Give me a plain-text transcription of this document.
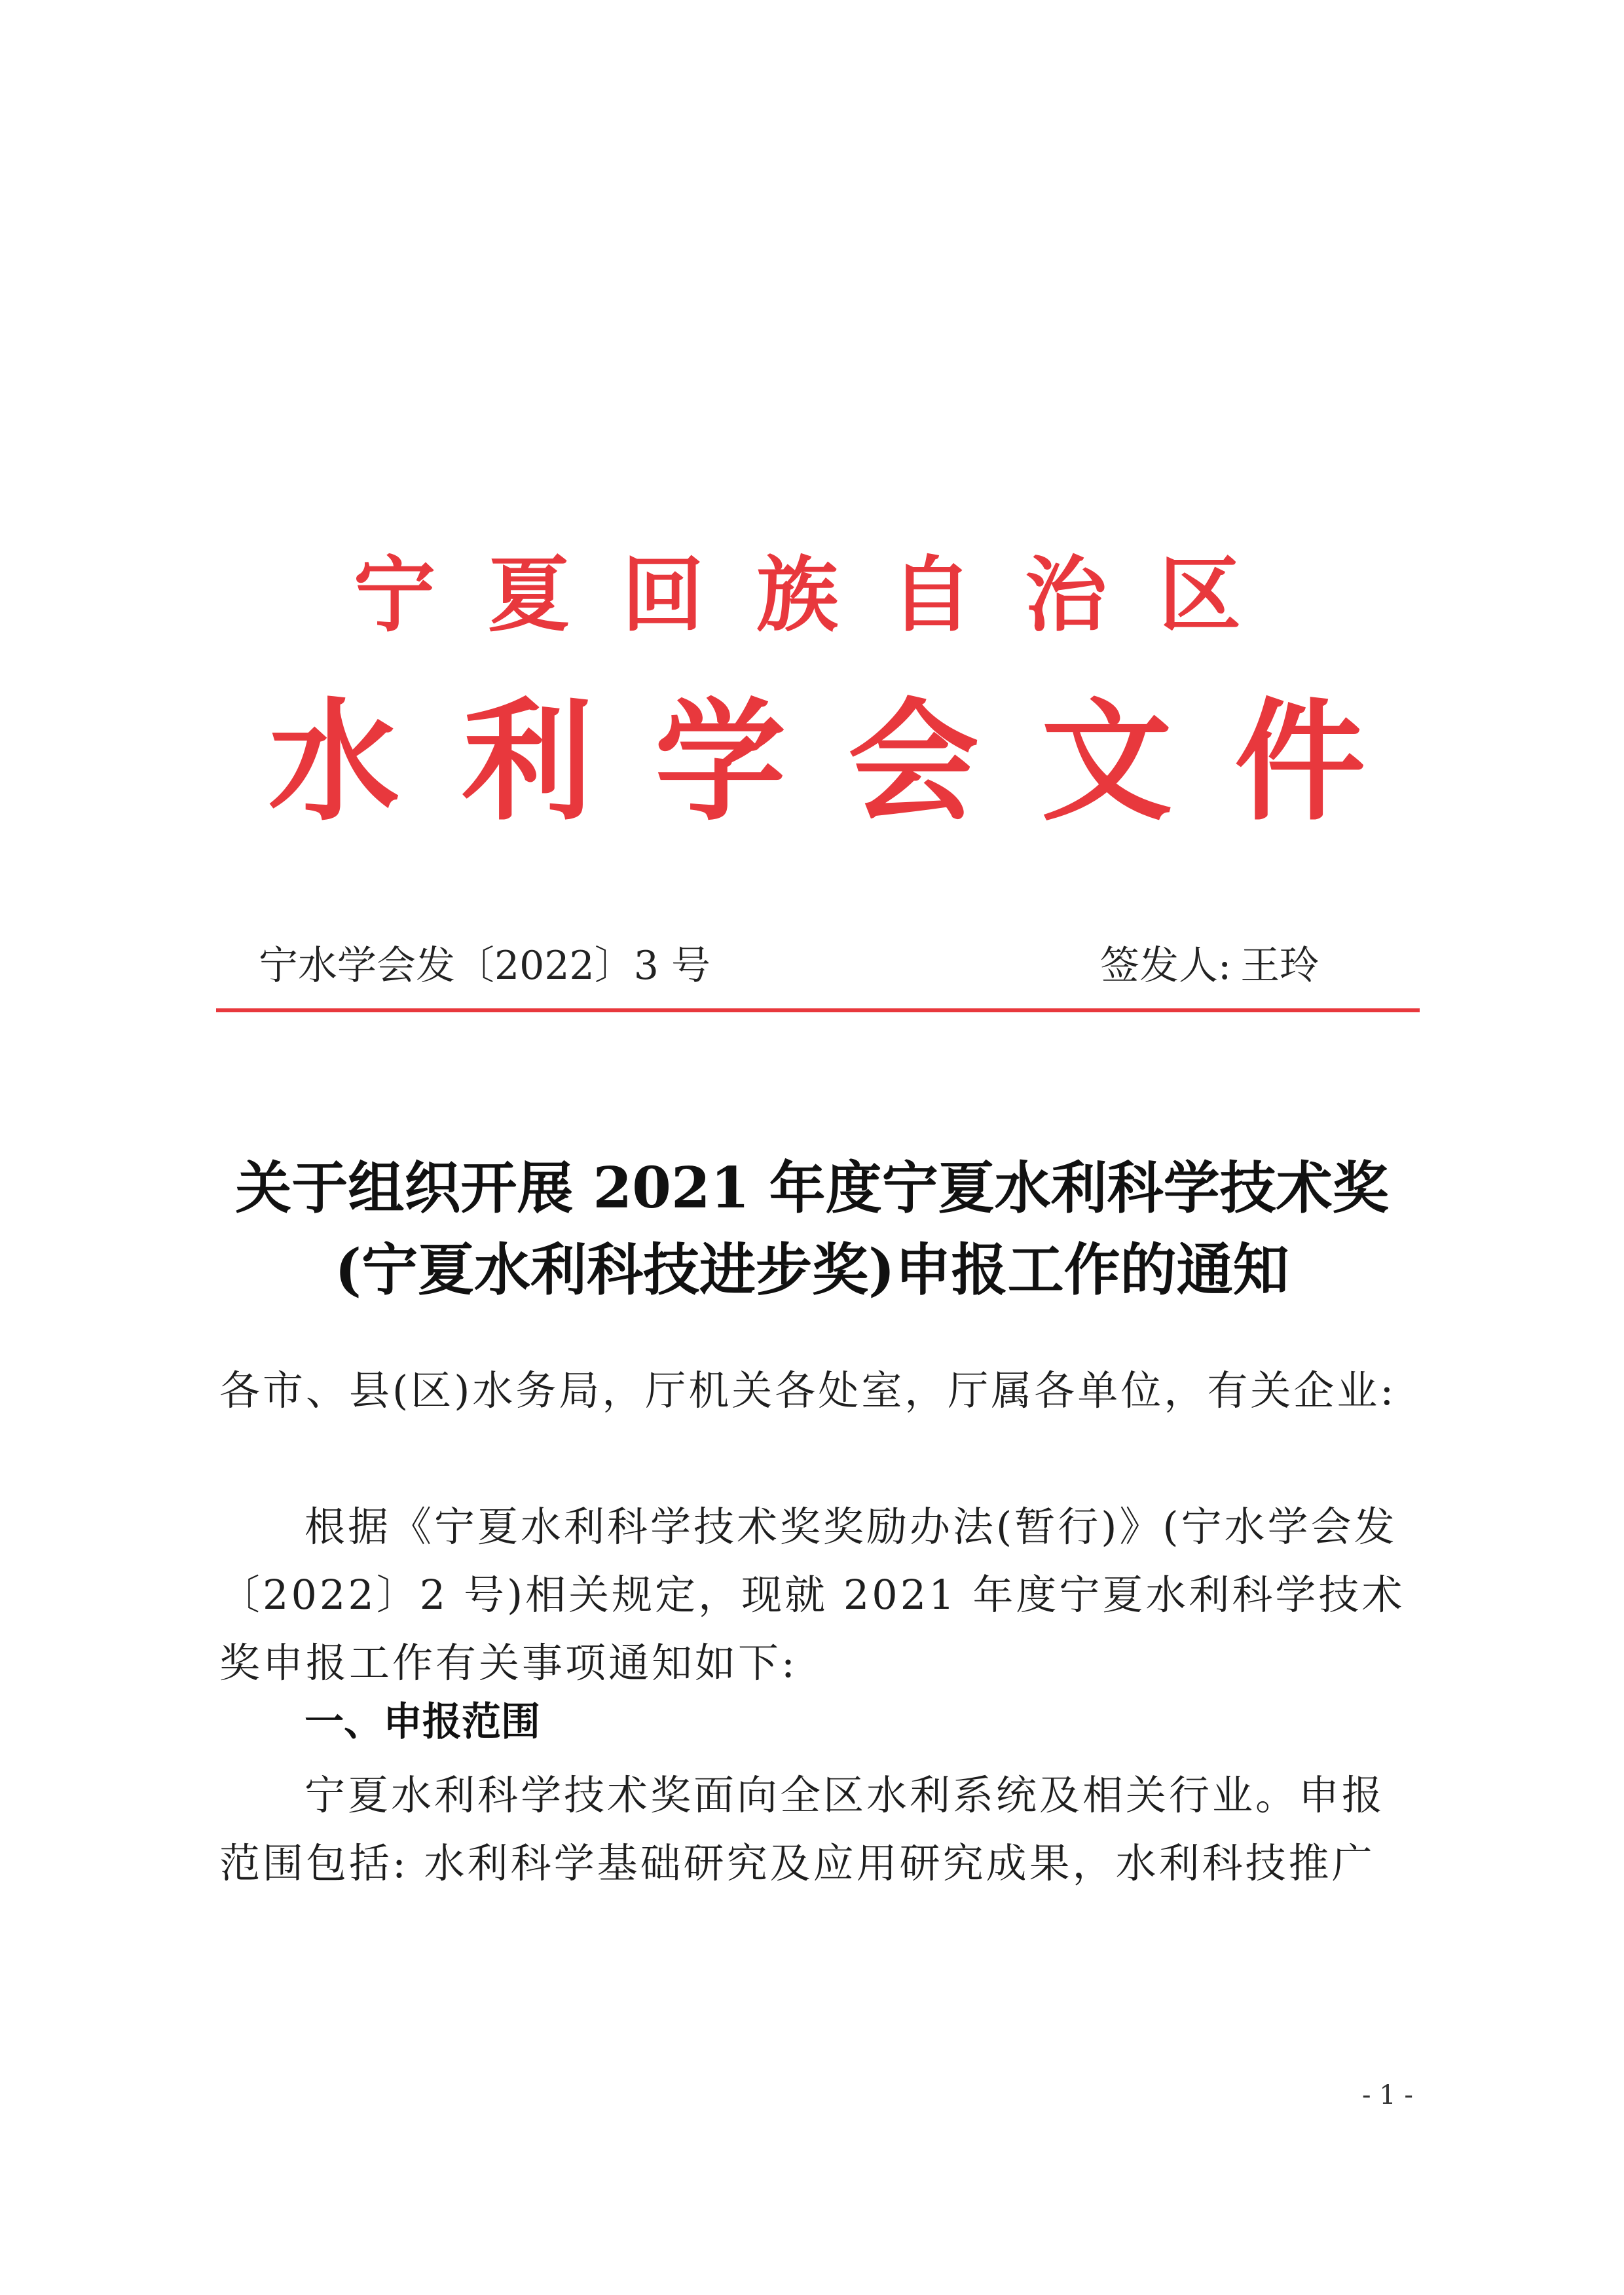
宁夏回族自治区
水利学会文件
宁水学会发〔2022〕3 号	签发人: 王玲
关于组织开展 2021 年度宁夏水利科学技术奖
(宁夏水利科技进步奖)申报工作的通知
各市、县(区)水务局，厅机关各处室，厅属各单位，有关企业:
根据《宁夏水利科学技术奖奖励办法(暂行)》(宁水学会发〔2022〕2 号)相关规定，现就 2021 年度宁夏水利科学技术奖申报工作有关事项通知如下:
一、申报范围
宁夏水利科学技术奖面向全区水利系统及相关行业。申报范围包括: 水利科学基础研究及应用研究成果，水利科技推广
- 1 -
